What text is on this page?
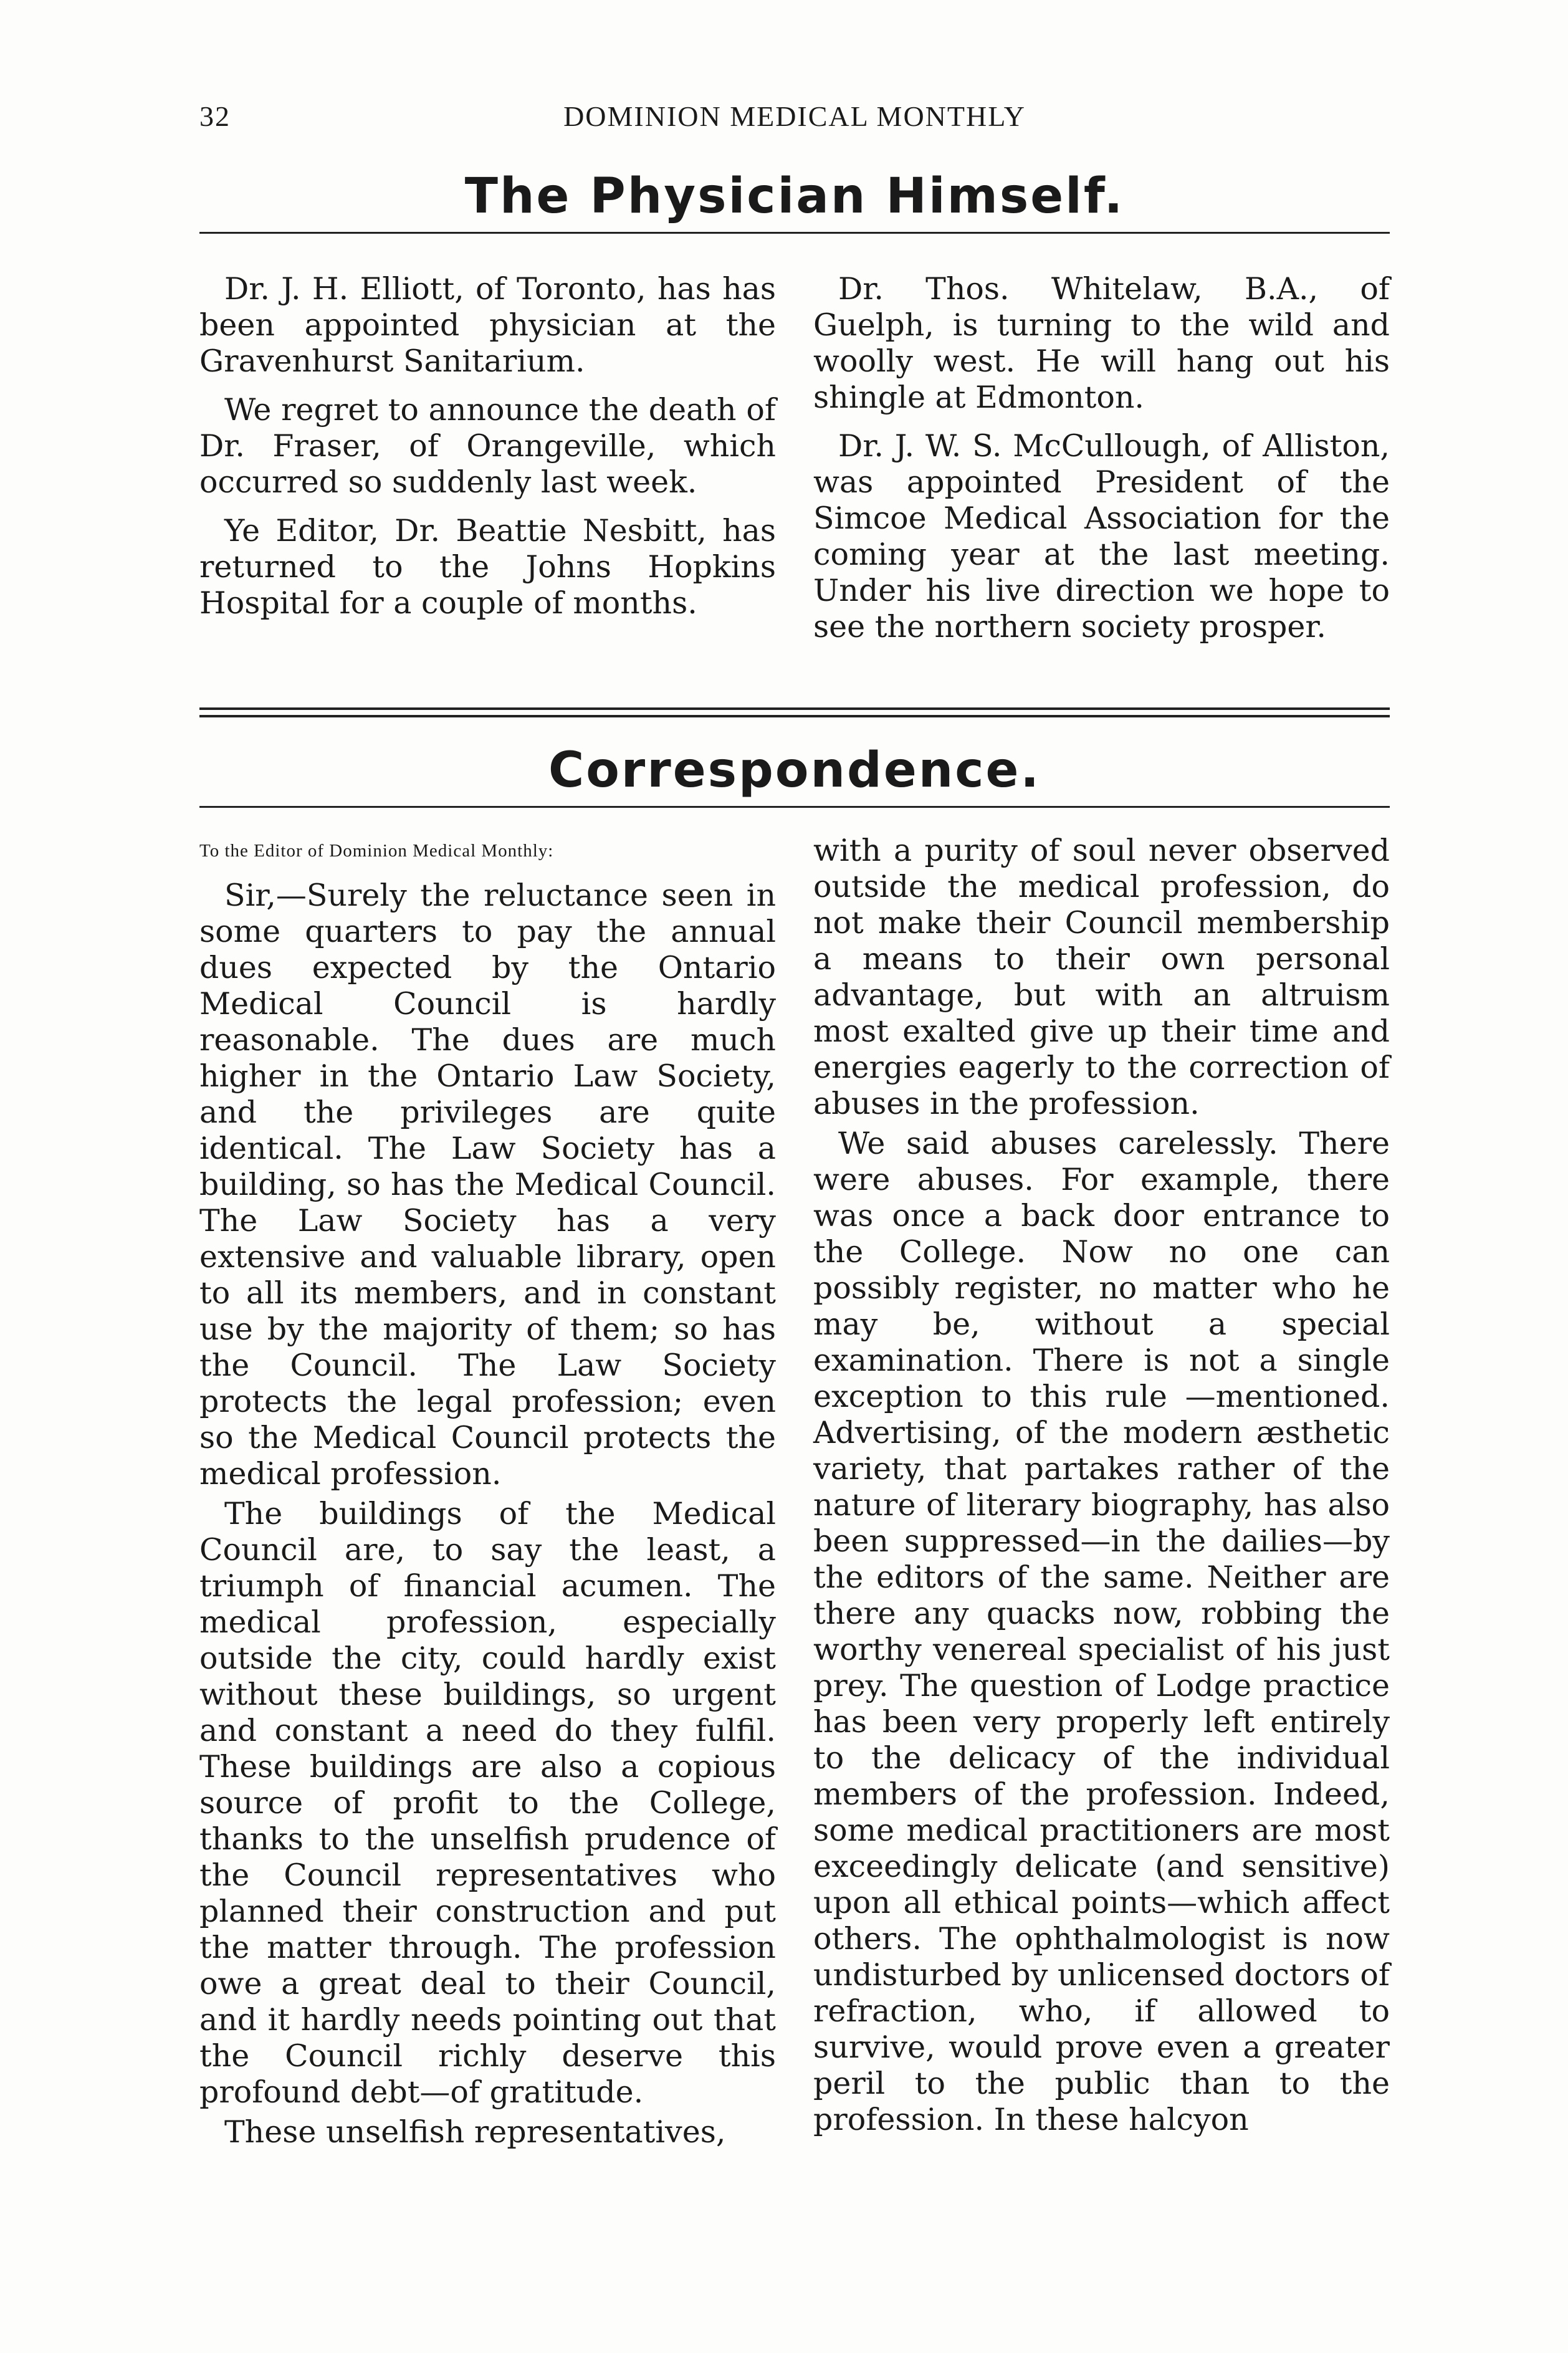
32	DOMINION MEDICAL MONTHLY
The Physician Himself.

Dr. J. H. Elliott, of Toronto, has has been appointed physician at the Gravenhurst Sanitarium.

We regret to announce the death of Dr. Fraser, of Orangeville, which occurred so suddenly last week.

Ye Editor, Dr. Beattie Nesbitt, has returned to the Johns Hopkins Hospital for a couple of months.

Dr. Thos. Whitelaw, B.A., of Guelph, is turning to the wild and woolly west. He will hang out his shingle at Edmonton.

Dr. J. W. S. McCullough, of Alliston, was appointed President of the Simcoe Medical Association for the coming year at the last meeting. Under his live direction we hope to see the northern society prosper.

Correspondence.
To the Editor of Dominion Medical Monthly:

Sir,—Surely the reluctance seen in some quarters to pay the annual dues expected by the Ontario Medical Council is hardly reasonable. The dues are much higher in the Ontario Law Society, and the privileges are quite identical. The Law Society has a building, so has the Medical Council. The Law Society has a very extensive and valuable library, open to all its members, and in constant use by the majority of them; so has the Council. The Law Society protects the legal profession; even so the Medical Council protects the medical profession.

The buildings of the Medical Council are, to say the least, a triumph of financial acumen. The medical profession, especially outside the city, could hardly exist without these buildings, so urgent and constant a need do they fulfil. These buildings are also a copious source of profit to the College, thanks to the unselfish prudence of the Council representatives who planned their construction and put the matter through. The profession owe a great deal to their Council, and it hardly needs pointing out that the Council richly deserve this profound debt—of gratitude.

These unselfish representatives,

with a purity of soul never observed outside the medical profession, do not make their Council membership a means to their own personal advantage, but with an altruism most exalted give up their time and energies eagerly to the correction of abuses in the profession.

We said abuses carelessly. There were abuses. For example, there was once a back door entrance to the College. Now no one can possibly register, no matter who he may be, without a special examination. There is not a single exception to this rule —mentioned. Advertising, of the modern æsthetic variety, that partakes rather of the nature of literary biography, has also been suppressed—in the dailies—by the editors of the same. Neither are there any quacks now, robbing the worthy venereal specialist of his just prey. The question of Lodge practice has been very properly left entirely to the delicacy of the individual members of the profession. Indeed, some medical practitioners are most exceedingly delicate (and sensitive) upon all ethical points—which affect others. The ophthalmologist is now undisturbed by unlicensed doctors of refraction, who, if allowed to survive, would prove even a greater peril to the public than to the profession. In these halcyon
